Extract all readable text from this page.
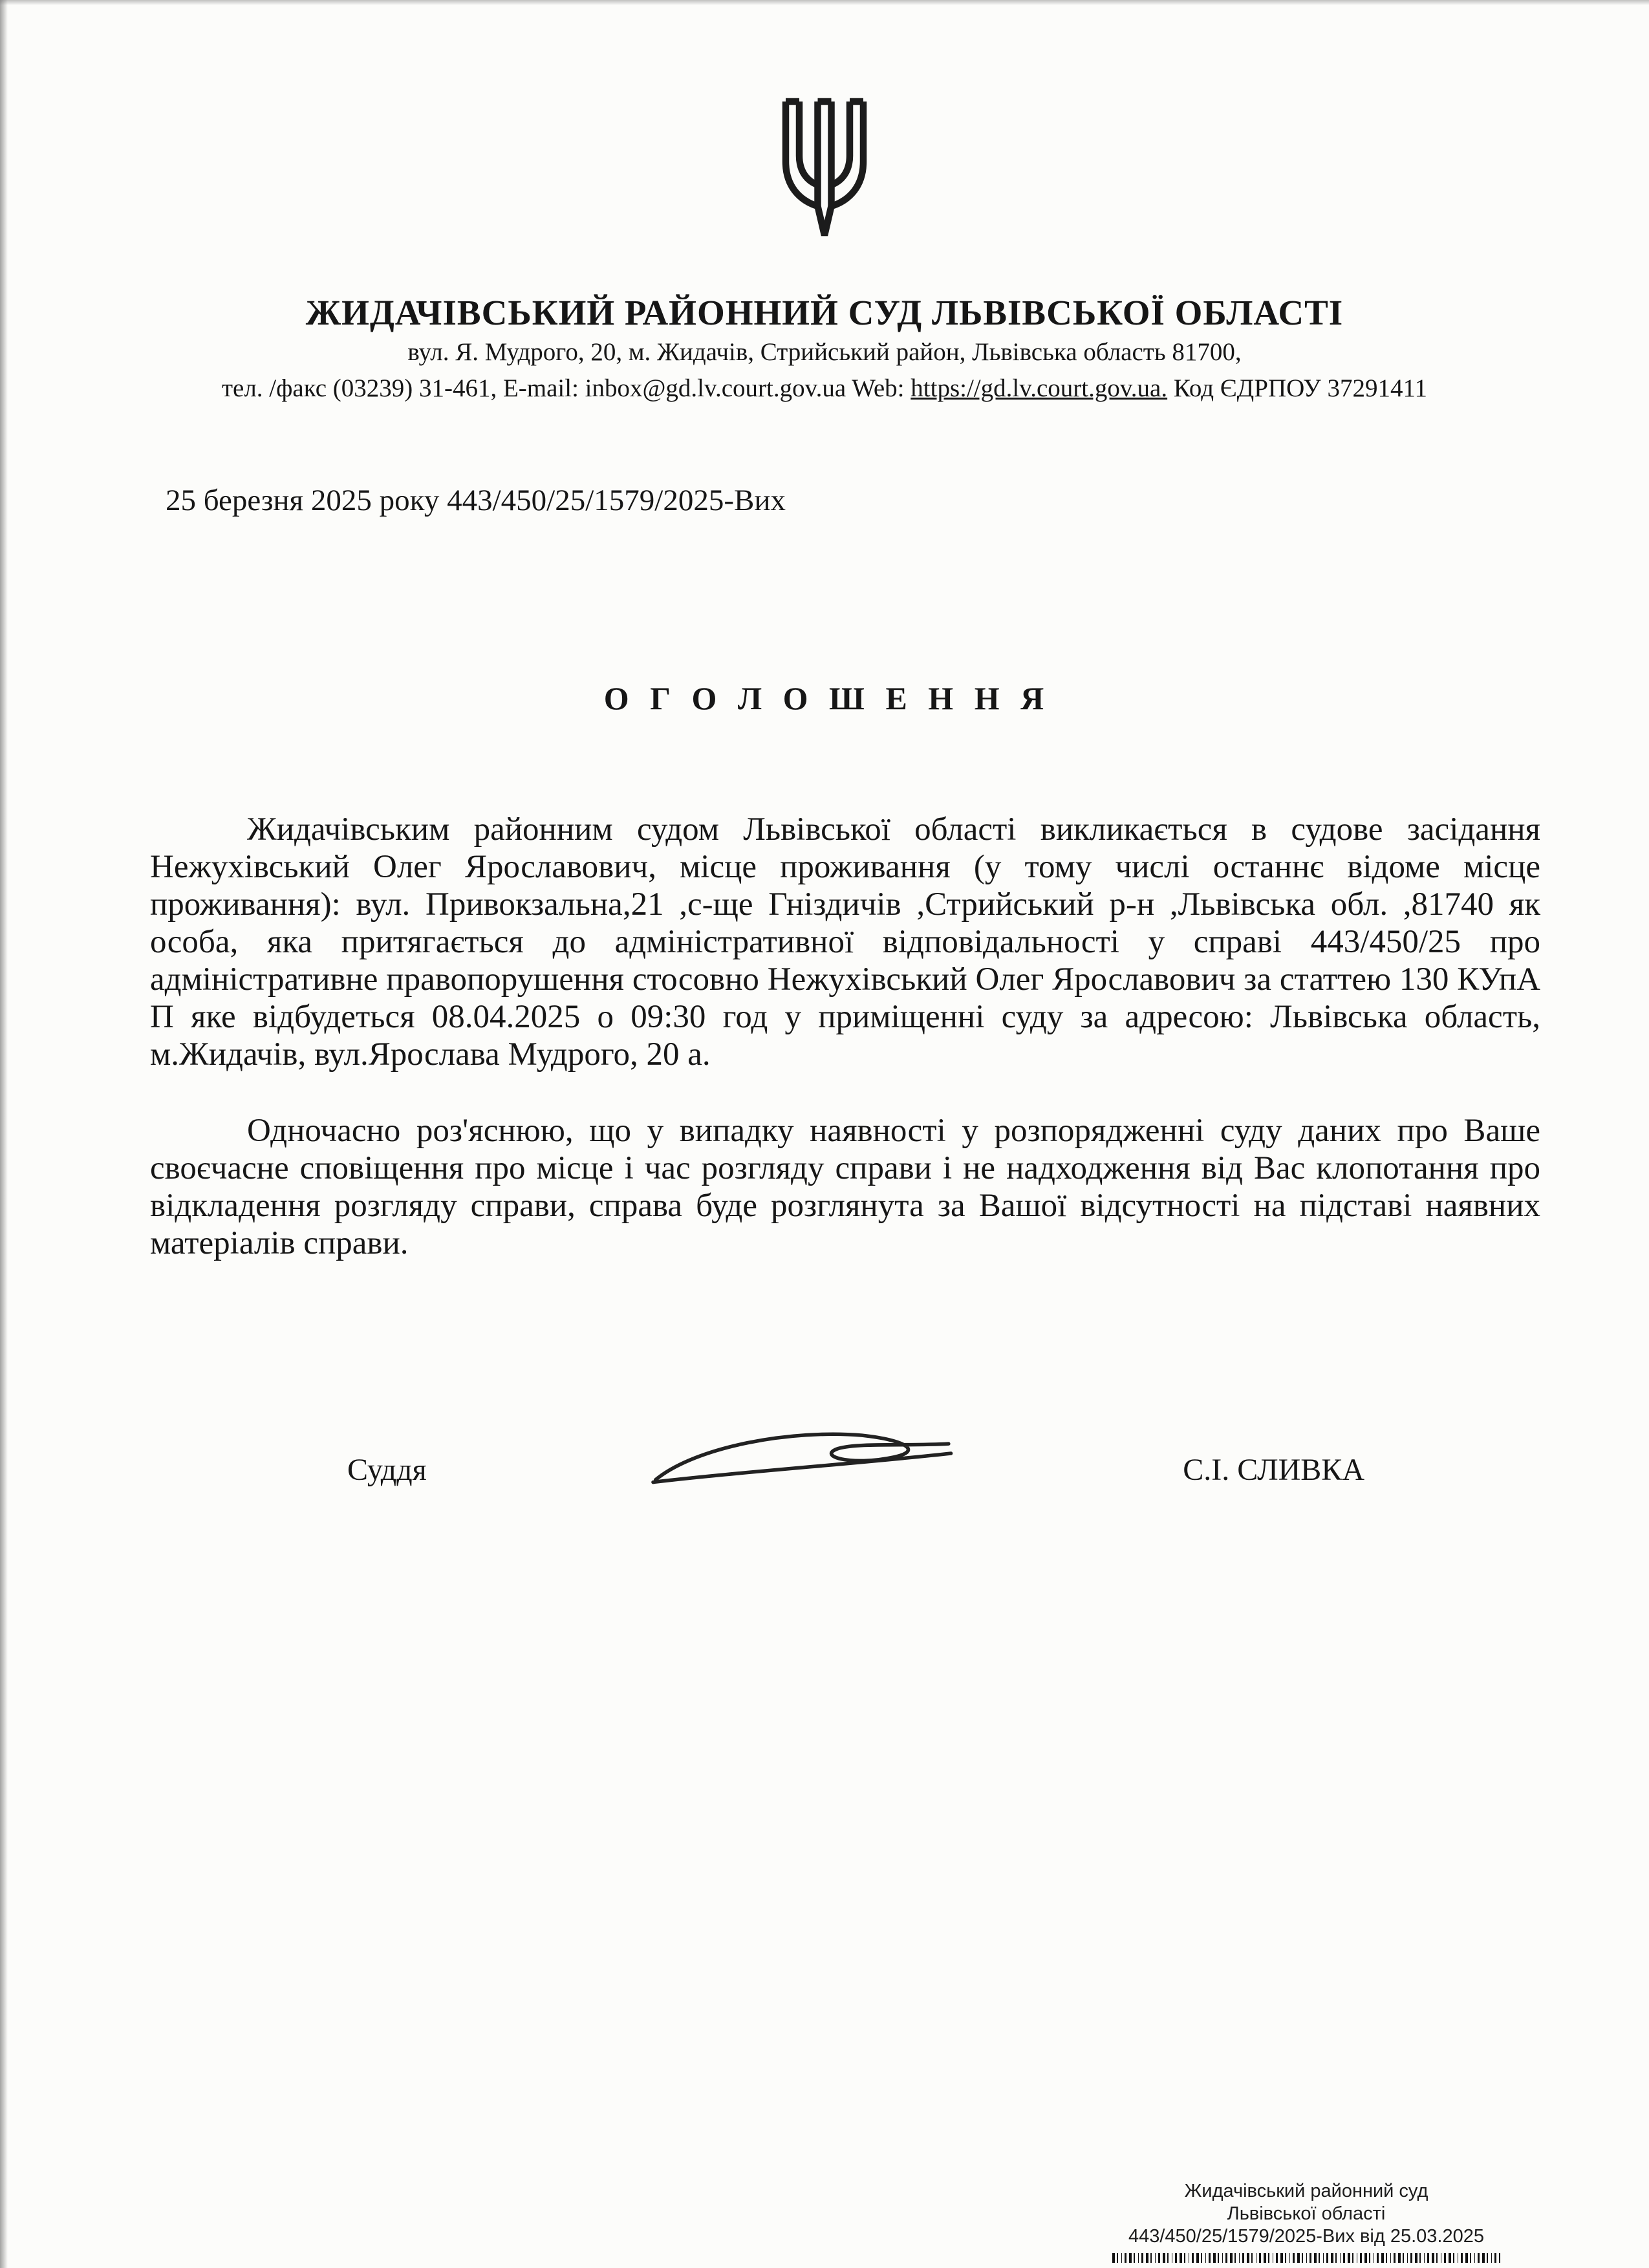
ЖИДАЧІВСЬКИЙ РАЙОННИЙ СУД ЛЬВІВСЬКОЇ ОБЛАСТІ
вул. Я. Мудрого, 20, м. Жидачів, Стрийський район, Львівська область 81700,
тел. /факс (03239) 31-461, E-mail: inbox@gd.lv.court.gov.ua Web: https://gd.lv.court.gov.ua. Код ЄДРПОУ 37291411
25 березня 2025 року 443/450/25/1579/2025-Вих
О Г О Л О Ш Е Н Н Я

Жидачівським районним судом Львівської області викликається в судове засідання Нежухівський Олег Ярославович, місце проживання (у тому числі останнє відоме місце проживання): вул. Привокзальна,21 ,с-ще Гніздичів ,Стрийський р-н ,Львівська обл. ,81740 як особа, яка притягається до адміністративної відповідальності у справі 443/450/25 про адміністративне правопорушення стосовно Нежухівський Олег Ярославович за статтею 130 КУпА П яке відбудеться 08.04.2025 о 09:30 год у приміщенні суду за адресою: Львівська область, м.Жидачів, вул.Ярослава Мудрого, 20 а.

Одночасно роз'яснюю, що у випадку наявності у розпорядженні суду даних про Ваше своєчасне сповіщення про місце і час розгляду справи і не надходження від Вас клопотання про відкладення розгляду справи, справа буде розглянута за Вашої відсутності на підставі наявних матеріалів справи.

Суддя	С.І. СЛИВКА
Жидачівський районний суд
Львівської області
443/450/25/1579/2025-Вих від 25.03.2025
